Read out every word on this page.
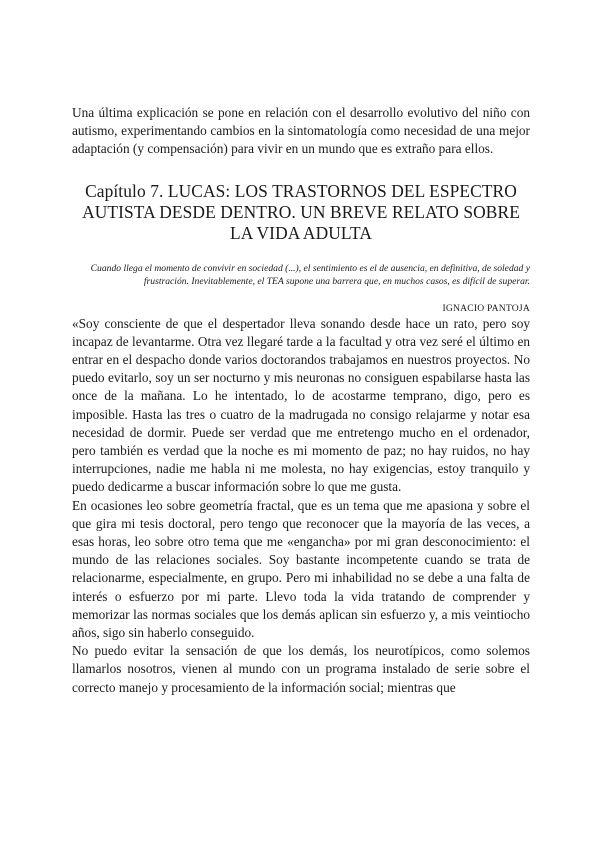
Una última explicación se pone en relación con el desarrollo evolutivo del niño con autismo, experimentando cambios en la sintomatología como necesidad de una mejor adaptación (y compensación) para vivir en un mundo que es extraño para ellos.

Capítulo 7. LUCAS: LOS TRASTORNOS DEL ESPECTRO AUTISTA DESDE DENTRO. UN BREVE RELATO SOBRE LA VIDA ADULTA

Cuando llega el momento de convivir en sociedad (...), el sentimiento es el de ausencia, en definitiva, de soledad y frustración. Inevitablemente, el TEA supone una barrera que, en muchos casos, es difícil de superar.

IGNACIO PANTOJA

«Soy consciente de que el despertador lleva sonando desde hace un rato, pero soy incapaz de levantarme. Otra vez llegaré tarde a la facultad y otra vez seré el último en entrar en el despacho donde varios doctorandos trabajamos en nuestros proyectos. No puedo evitarlo, soy un ser nocturno y mis neuronas no consiguen espabilarse hasta las once de la mañana. Lo he intentado, lo de acostarme temprano, digo, pero es imposible. Hasta las tres o cuatro de la madrugada no consigo relajarme y notar esa necesidad de dormir. Puede ser verdad que me entretengo mucho en el ordenador, pero también es verdad que la noche es mi momento de paz; no hay ruidos, no hay interrupciones, nadie me habla ni me molesta, no hay exigencias, estoy tranquilo y puedo dedicarme a buscar información sobre lo que me gusta.

En ocasiones leo sobre geometría fractal, que es un tema que me apasiona y sobre el que gira mi tesis doctoral, pero tengo que reconocer que la mayoría de las veces, a esas horas, leo sobre otro tema que me «engancha» por mi gran desconocimiento: el mundo de las relaciones sociales. Soy bastante incompetente cuando se trata de relacionarme, especialmente, en grupo. Pero mi inhabilidad no se debe a una falta de interés o esfuerzo por mi parte. Llevo toda la vida tratando de comprender y memorizar las normas sociales que los demás aplican sin esfuerzo y, a mis veintiocho años, sigo sin haberlo conseguido.

No puedo evitar la sensación de que los demás, los neurotípicos, como solemos llamarlos nosotros, vienen al mundo con un programa instalado de serie sobre el correcto manejo y procesamiento de la información social; mientras que
